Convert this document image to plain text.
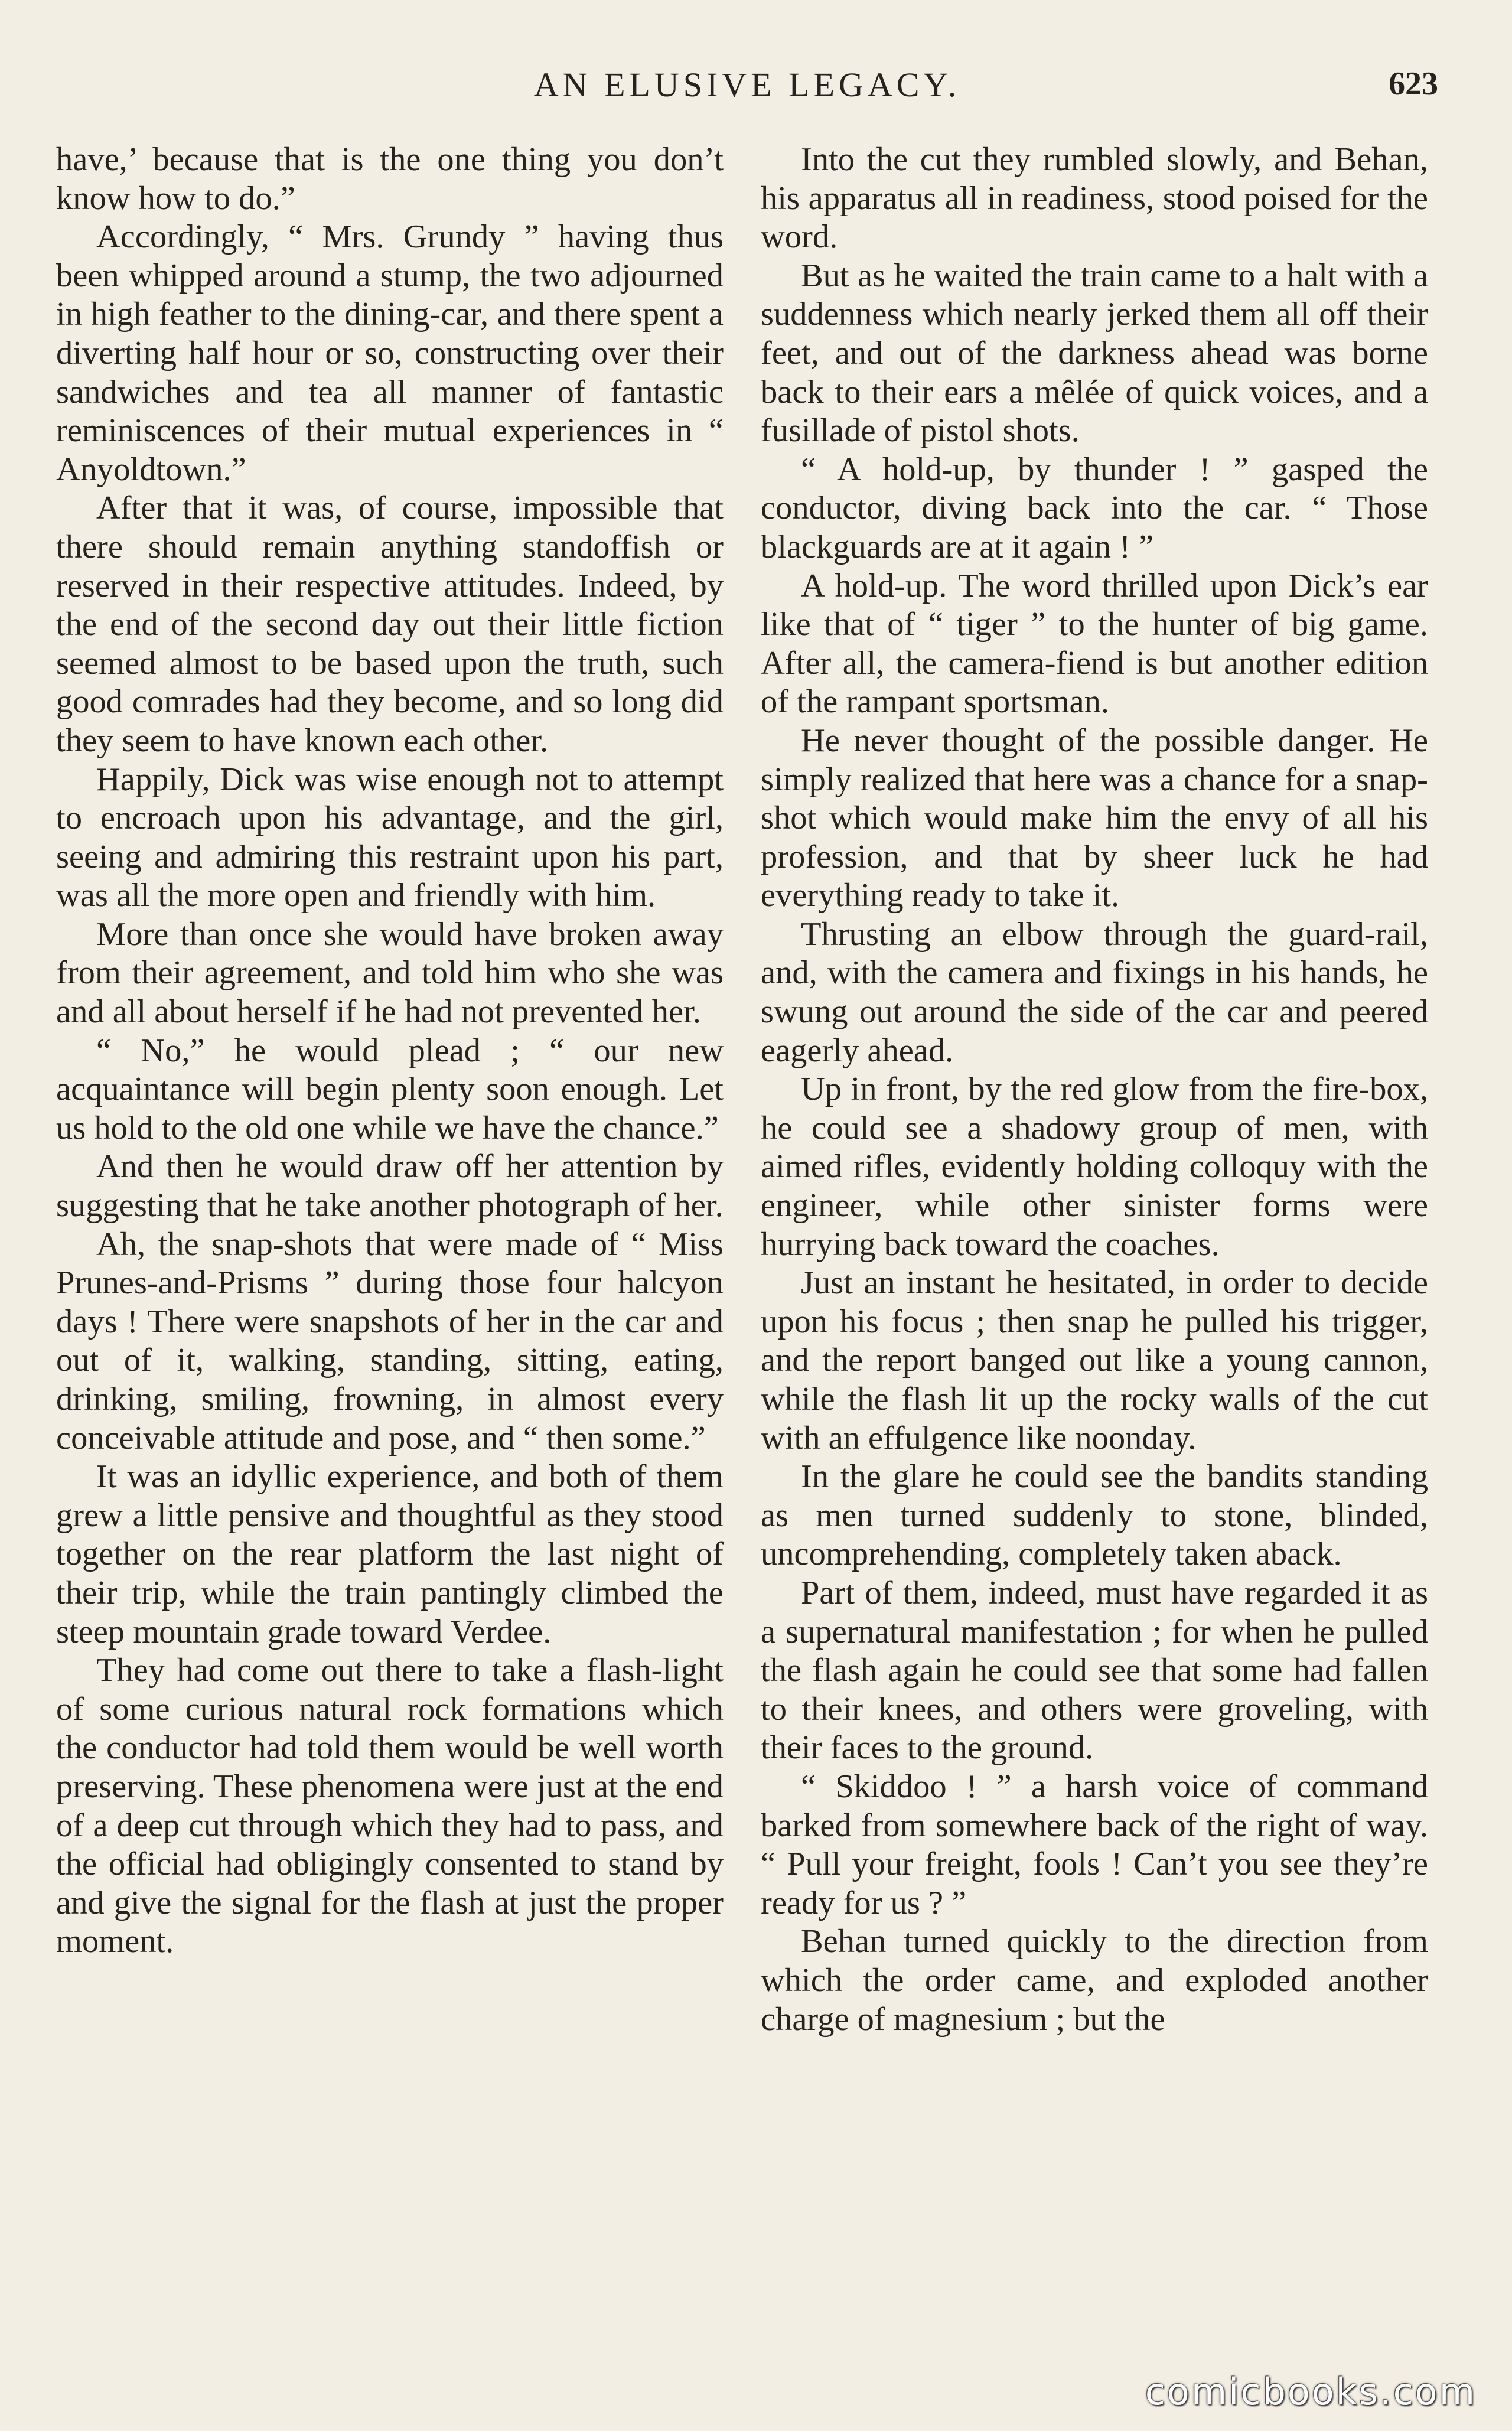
AN ELUSIVE LEGACY.	623

have,’ because that is the one thing you don’t know how to do.”

Accordingly, “ Mrs. Grundy ” having thus been whipped around a stump, the two adjourned in high feather to the dining-car, and there spent a diverting half hour or so, constructing over their sandwiches and tea all manner of fantastic reminiscences of their mutual experiences in “ Anyoldtown.”

After that it was, of course, impossible that there should remain anything standoffish or reserved in their respective attitudes. Indeed, by the end of the second day out their little fiction seemed almost to be based upon the truth, such good comrades had they become, and so long did they seem to have known each other.

Happily, Dick was wise enough not to attempt to encroach upon his advantage, and the girl, seeing and admiring this restraint upon his part, was all the more open and friendly with him.

More than once she would have broken away from their agreement, and told him who she was and all about herself if he had not prevented her.

“ No,” he would plead ; “ our new acquaintance will begin plenty soon enough. Let us hold to the old one while we have the chance.”

And then he would draw off her attention by suggesting that he take another photograph of her.

Ah, the snap-shots that were made of “ Miss Prunes-and-Prisms ” during those four halcyon days ! There were snapshots of her in the car and out of it, walking, standing, sitting, eating, drinking, smiling, frowning, in almost every conceivable attitude and pose, and “ then some.”

It was an idyllic experience, and both of them grew a little pensive and thoughtful as they stood together on the rear platform the last night of their trip, while the train pantingly climbed the steep mountain grade toward Verdee.

They had come out there to take a flash-light of some curious natural rock formations which the conductor had told them would be well worth preserving. These phenomena were just at the end of a deep cut through which they had to pass, and the official had obligingly consented to stand by and give the signal for the flash at just the proper moment.

Into the cut they rumbled slowly, and Behan, his apparatus all in readiness, stood poised for the word.

But as he waited the train came to a halt with a suddenness which nearly jerked them all off their feet, and out of the darkness ahead was borne back to their ears a mêlée of quick voices, and a fusillade of pistol shots.

“ A hold-up, by thunder ! ” gasped the conductor, diving back into the car. “ Those blackguards are at it again ! ”

A hold-up. The word thrilled upon Dick’s ear like that of “ tiger ” to the hunter of big game. After all, the camera-fiend is but another edition of the rampant sportsman.

He never thought of the possible danger. He simply realized that here was a chance for a snap-shot which would make him the envy of all his profession, and that by sheer luck he had everything ready to take it.

Thrusting an elbow through the guard-rail, and, with the camera and fixings in his hands, he swung out around the side of the car and peered eagerly ahead.

Up in front, by the red glow from the fire-box, he could see a shadowy group of men, with aimed rifles, evidently holding colloquy with the engineer, while other sinister forms were hurrying back toward the coaches.

Just an instant he hesitated, in order to decide upon his focus ; then snap he pulled his trigger, and the report banged out like a young cannon, while the flash lit up the rocky walls of the cut with an effulgence like noonday.

In the glare he could see the bandits standing as men turned suddenly to stone, blinded, uncomprehending, completely taken aback.

Part of them, indeed, must have regarded it as a supernatural manifestation ; for when he pulled the flash again he could see that some had fallen to their knees, and others were groveling, with their faces to the ground.

“ Skiddoo ! ” a harsh voice of command barked from somewhere back of the right of way. “ Pull your freight, fools ! Can’t you see they’re ready for us ? ”

Behan turned quickly to the direction from which the order came, and exploded another charge of magnesium ; but the

comicbooks.com
